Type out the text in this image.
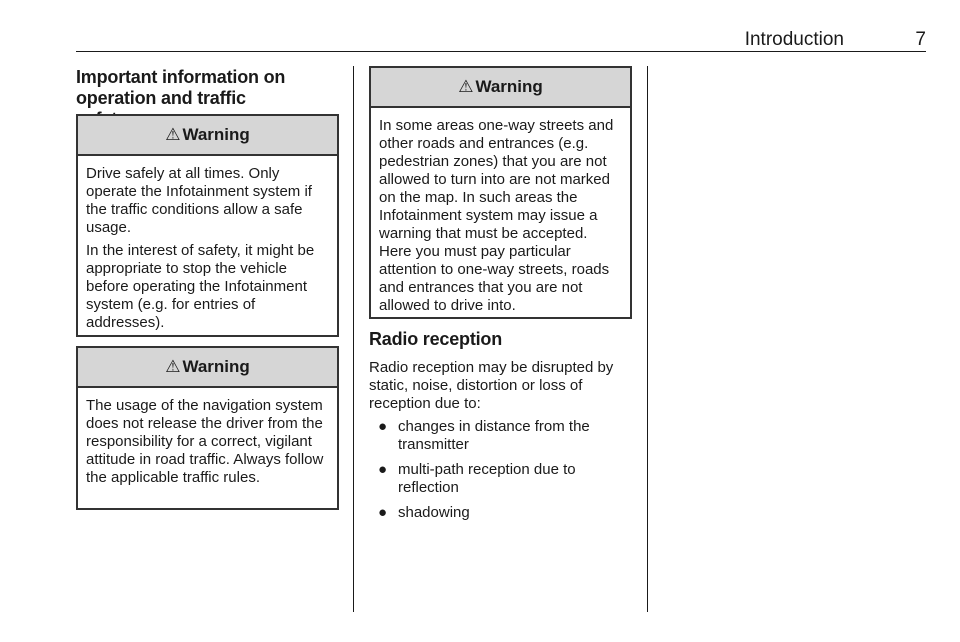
Introduction	7
Important information on operation and traffic
⚠ Warning

Drive safely at all times. Only operate the Infotainment system if the traffic conditions allow a safe usage.

In the interest of safety, it might be appropriate to stop the vehicle before operating the Infotainment system (e.g. for entries of addresses).

⚠ Warning

The usage of the navigation system does not release the driver from the responsibility for a correct, vigilant attitude in road traffic. Always follow the applicable traffic rules.

⚠ Warning

In some areas one-way streets and other roads and entrances (e.g. pedestrian zones) that you are not allowed to turn into are not marked on the map. In such areas the Infotainment system may issue a warning that must be accepted. Here you must pay particular attention to one-way streets, roads and entrances that you are not allowed to drive into.

Radio reception
Radio reception may be disrupted by static, noise, distortion or loss of reception due to:
● changes in distance from the transmitter
● multi-path reception due to reflection
● shadowing
